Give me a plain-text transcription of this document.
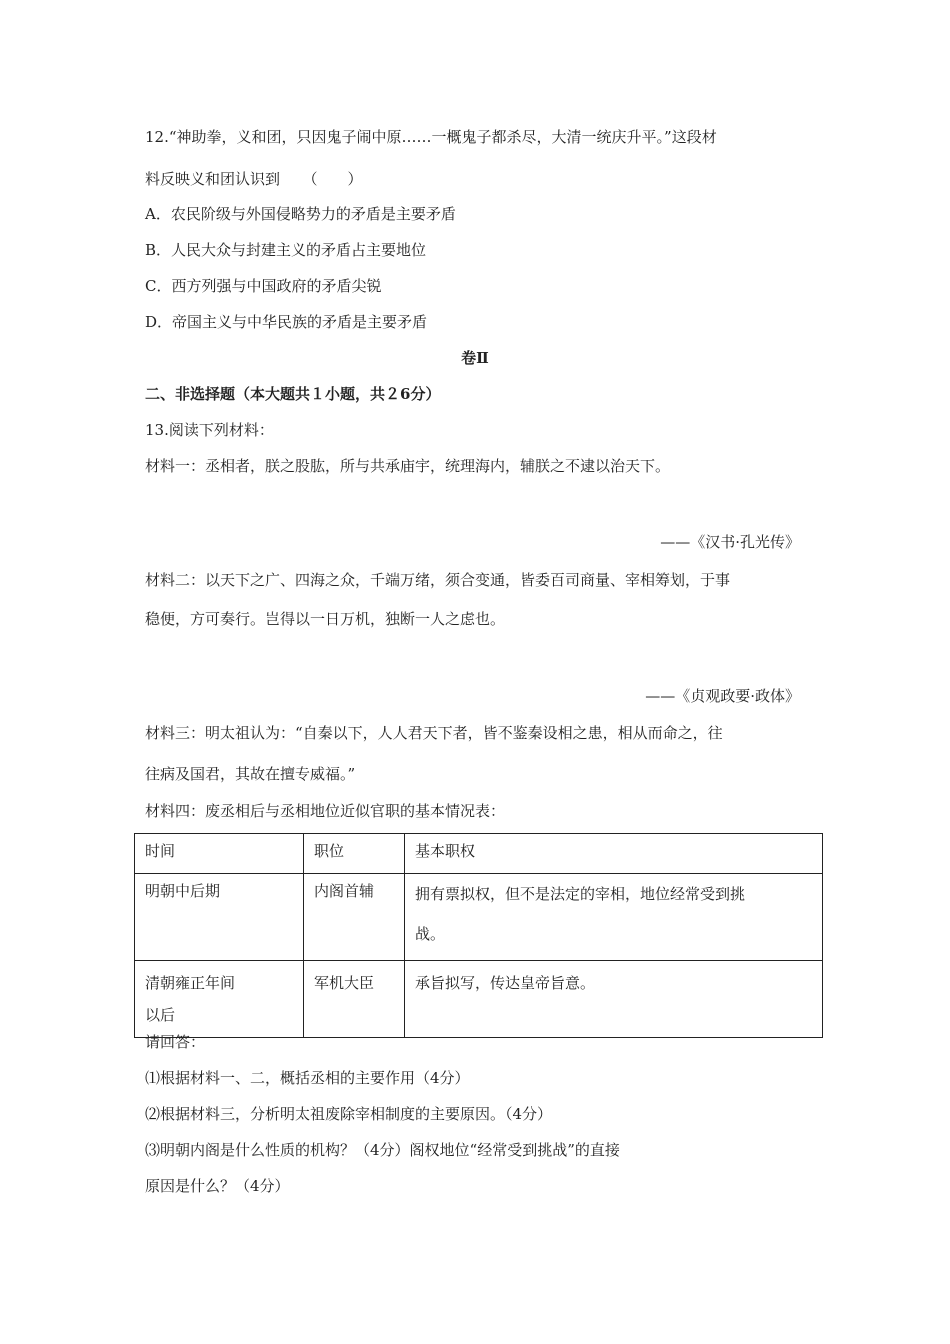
12.“神助拳，义和团，只因鬼子闹中原……一概鬼子都杀尽，大清一统庆升平。”这段材
料反映义和团认识到　　（　　）
A．农民阶级与外国侵略势力的矛盾是主要矛盾
B．人民大众与封建主义的矛盾占主要地位
C．西方列强与中国政府的矛盾尖锐
D．帝国主义与中华民族的矛盾是主要矛盾
卷Ⅱ
二、非选择题（本大题共１小题，共２6分）
13.阅读下列材料：
材料一：丞相者，朕之股肱，所与共承庙宇，统理海内，辅朕之不逮以治天下。
——《汉书·孔光传》
材料二：以天下之广、四海之众，千端万绪，须合变通，皆委百司商量、宰相筹划，于事
稳便，方可奏行。岂得以一日万机，独断一人之虑也。
——《贞观政要·政体》
材料三：明太祖认为：“自秦以下，人人君天下者，皆不鉴秦设相之患，相从而命之，往
往病及国君，其故在擅专威福。”
材料四：废丞相后与丞相地位近似官职的基本情况表：
时间	职位	基本职权
明朝中后期	内阁首辅	拥有票拟权，但不是法定的宰相，地位经常受到挑
战。

清朝雍正年间
以后	军机大臣	承旨拟写，传达皇帝旨意。
请回答：
⑴根据材料一、二，概括丞相的主要作用（4分）
⑵根据材料三，分析明太祖废除宰相制度的主要原因。（4分）
⑶明朝内阁是什么性质的机构？（4分）阁权地位“经常受到挑战”的直接
原因是什么？（4分）
